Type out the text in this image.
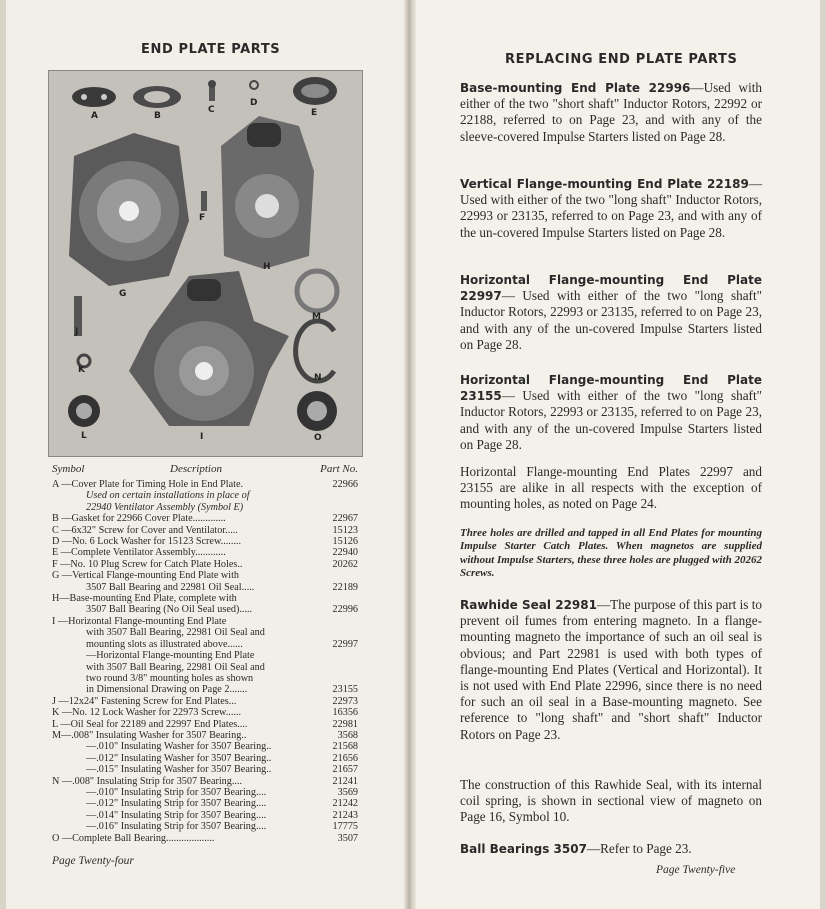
END PLATE PARTS
A	B
C
D
E
F
G
H
J
K
L	I
M
N
O
Symbol	Description	Part No.
A —Cover Plate for Timing Hole in End Plate.	22966
Used on certain installations in place of
22940 Ventilator Assembly (Symbol E)
B —Gasket for 22966 Cover Plate.............	22967
C —6x32" Screw for Cover and Ventilator.....	15123
D —No. 6 Lock Washer for 15123 Screw........	15126
E —Complete Ventilator Assembly............	22940
F —No. 10 Plug Screw for Catch Plate Holes..	20262
G —Vertical Flange-mounting End Plate with
3507 Ball Bearing and 22981 Oil Seal.....	22189
H—Base-mounting End Plate, complete with
3507 Ball Bearing (No Oil Seal used).....	22996
I —Horizontal Flange-mounting End Plate
with 3507 Ball Bearing, 22981 Oil Seal and
mounting slots as illustrated above......	22997
—Horizontal Flange-mounting End Plate
with 3507 Ball Bearing, 22981 Oil Seal and
two round 3/8" mounting holes as shown
in Dimensional Drawing on Page 2.......	23155
J —12x24" Fastening Screw for End Plates...	22973
K —No. 12 Lock Washer for 22973 Screw......	16356
L —Oil Seal for 22189 and 22997 End Plates....	22981
M—.008" Insulating Washer for 3507 Bearing..	3568
—.010" Insulating Washer for 3507 Bearing..	21568
—.012" Insulating Washer for 3507 Bearing..	21656
—.015" Insulating Washer for 3507 Bearing..	21657
N —.008" Insulating Strip for 3507 Bearing....	21241
—.010" Insulating Strip for 3507 Bearing....	3569
—.012" Insulating Strip for 3507 Bearing....	21242
—.014" Insulating Strip for 3507 Bearing....	21243
—.016" Insulating Strip for 3507 Bearing....	17775
O —Complete Ball Bearing...................	3507
Page Twenty-four
REPLACING END PLATE PARTS
Base-mounting End Plate 22996—Used with either of the two "short shaft" Inductor Rotors, 22992 or 22188, referred to on Page 23, and with any of the sleeve-covered Impulse Starters listed on Page 28.
Vertical Flange-mounting End Plate 22189— Used with either of the two "long shaft" Inductor Rotors, 22993 or 23135, referred to on Page 23, and with any of the un-covered Impulse Starters listed on Page 28.
Horizontal Flange-mounting End Plate 22997— Used with either of the two "long shaft" Inductor Rotors, 22993 or 23135, referred to on Page 23, and with any of the un-covered Impulse Starters listed on Page 28.
Horizontal Flange-mounting End Plate 23155— Used with either of the two "long shaft" Inductor Rotors, 22993 or 23135, referred to on Page 23, and with any of the un-covered Impulse Starters listed on Page 28.
Horizontal Flange-mounting End Plates 22997 and 23155 are alike in all respects with the exception of mounting holes, as noted on Page 24.
Three holes are drilled and tapped in all End Plates for mounting Impulse Starter Catch Plates. When magnetos are supplied without Impulse Starters, these three holes are plugged with 20262 Screws.
Rawhide Seal 22981—The purpose of this part is to prevent oil fumes from entering magneto. In a flange-mounting magneto the importance of such an oil seal is obvious; and Part 22981 is used with both types of flange-mounting End Plates (Vertical and Horizontal). It is not used with End Plate 22996, since there is no need for such an oil seal in a Base-mounting magneto. See reference to "long shaft" and "short shaft" Inductor Rotors on Page 23.
The construction of this Rawhide Seal, with its internal coil spring, is shown in sectional view of magneto on Page 16, Symbol 10.
Ball Bearings 3507—Refer to Page 23.
Page Twenty-five
